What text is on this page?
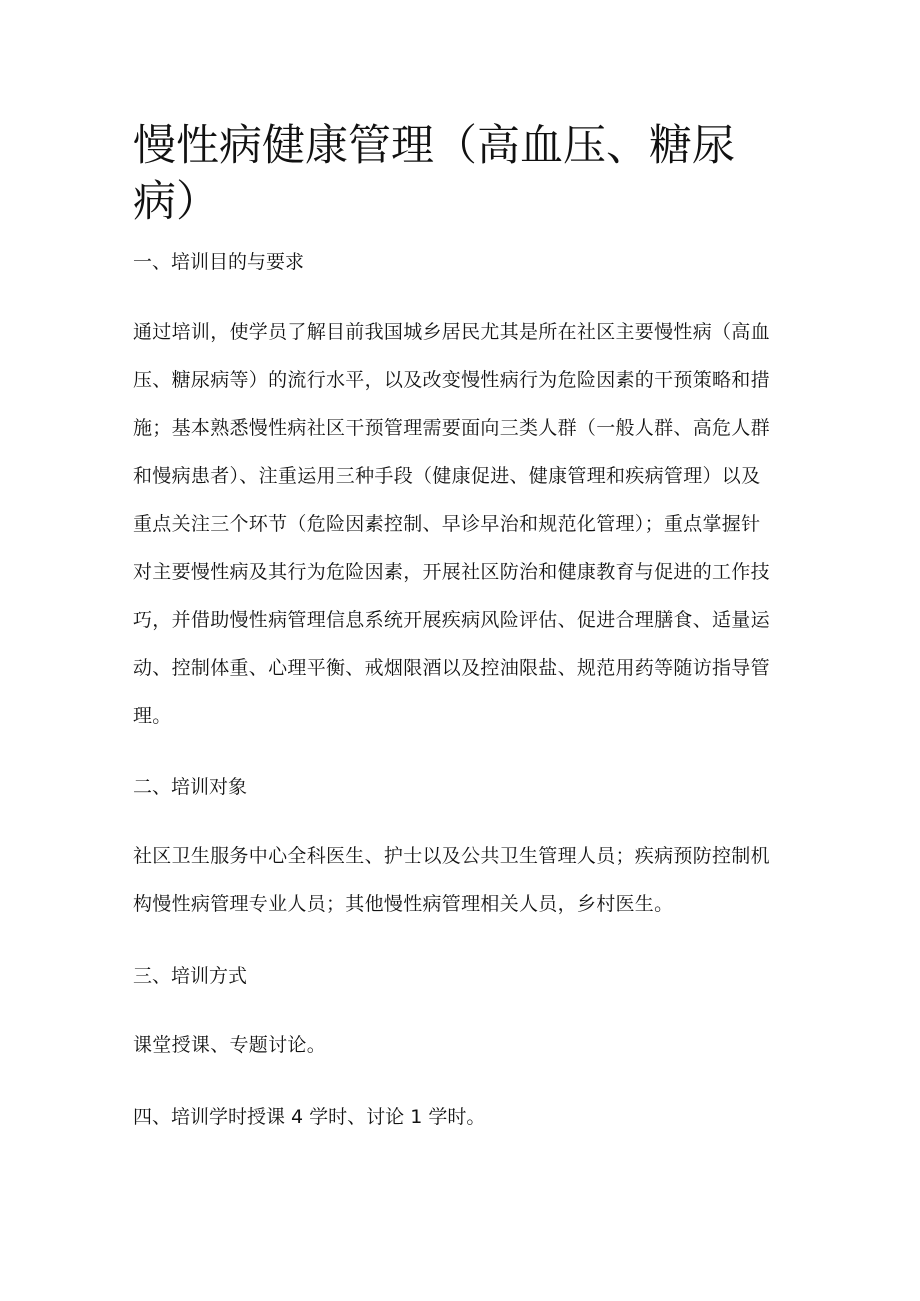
慢性病健康管理（高血压、糖尿病）
一、培训目的与要求
通过培训，使学员了解目前我国城乡居民尤其是所在社区主要慢性病（高血
压、糖尿病等）的流行水平，以及改变慢性病行为危险因素的干预策略和措
施；基本熟悉慢性病社区干预管理需要面向三类人群（一般人群、高危人群
和慢病患者）、注重运用三种手段（健康促进、健康管理和疾病管理）以及
重点关注三个环节（危险因素控制、早诊早治和规范化管理）；重点掌握针
对主要慢性病及其行为危险因素，开展社区防治和健康教育与促进的工作技
巧，并借助慢性病管理信息系统开展疾病风险评估、促进合理膳食、适量运
动、控制体重、心理平衡、戒烟限酒以及控油限盐、规范用药等随访指导管
理。
二、培训对象
社区卫生服务中心全科医生、护士以及公共卫生管理人员；疾病预防控制机
构慢性病管理专业人员；其他慢性病管理相关人员，乡村医生。
三、培训方式
课堂授课、专题讨论。
四、培训学时授课 4 学时、讨论 1 学时。
